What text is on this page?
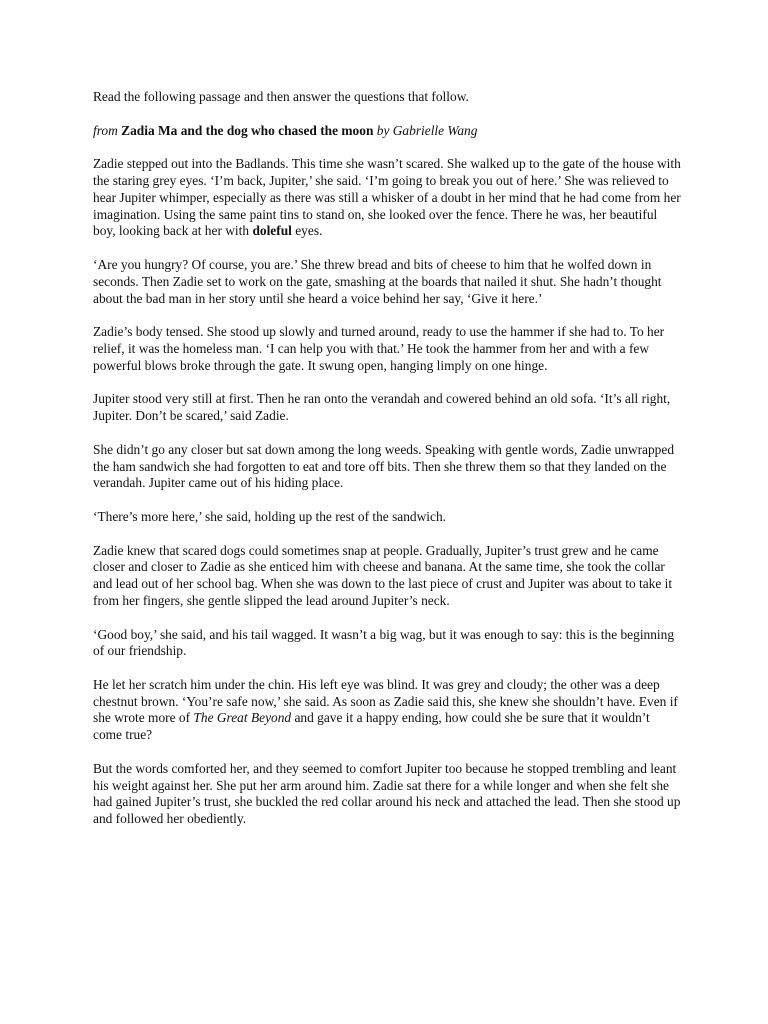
Read the following passage and then answer the questions that follow.

from Zadia Ma and the dog who chased the moon by Gabrielle Wang

Zadie stepped out into the Badlands. This time she wasn’t scared. She walked up to the gate of the house with the staring grey eyes. ‘I’m back, Jupiter,’ she said. ‘I’m going to break you out of here.’ She was relieved to hear Jupiter whimper, especially as there was still a whisker of a doubt in her mind that he had come from her imagination. Using the same paint tins to stand on, she looked over the fence. There he was, her beautiful boy, looking back at her with doleful eyes.

‘Are you hungry? Of course, you are.’ She threw bread and bits of cheese to him that he wolfed down in seconds. Then Zadie set to work on the gate, smashing at the boards that nailed it shut. She hadn’t thought about the bad man in her story until she heard a voice behind her say, ‘Give it here.’

Zadie’s body tensed. She stood up slowly and turned around, ready to use the hammer if she had to. To her relief, it was the homeless man. ‘I can help you with that.’ He took the hammer from her and with a few powerful blows broke through the gate. It swung open, hanging limply on one hinge.

Jupiter stood very still at first. Then he ran onto the verandah and cowered behind an old sofa. ‘It’s all right, Jupiter. Don’t be scared,’ said Zadie.

She didn’t go any closer but sat down among the long weeds. Speaking with gentle words, Zadie unwrapped the ham sandwich she had forgotten to eat and tore off bits. Then she threw them so that they landed on the verandah. Jupiter came out of his hiding place.

‘There’s more here,’ she said, holding up the rest of the sandwich.

Zadie knew that scared dogs could sometimes snap at people. Gradually, Jupiter’s trust grew and he came closer and closer to Zadie as she enticed him with cheese and banana. At the same time, she took the collar and lead out of her school bag. When she was down to the last piece of crust and Jupiter was about to take it from her fingers, she gentle slipped the lead around Jupiter’s neck.

‘Good boy,’ she said, and his tail wagged. It wasn’t a big wag, but it was enough to say: this is the beginning of our friendship.

He let her scratch him under the chin. His left eye was blind. It was grey and cloudy; the other was a deep chestnut brown. ‘You’re safe now,’ she said. As soon as Zadie said this, she knew she shouldn’t have. Even if she wrote more of The Great Beyond and gave it a happy ending, how could she be sure that it wouldn’t come true?

But the words comforted her, and they seemed to comfort Jupiter too because he stopped trembling and leant his weight against her. She put her arm around him. Zadie sat there for a while longer and when she felt she had gained Jupiter’s trust, she buckled the red collar around his neck and attached the lead. Then she stood up and followed her obediently.
